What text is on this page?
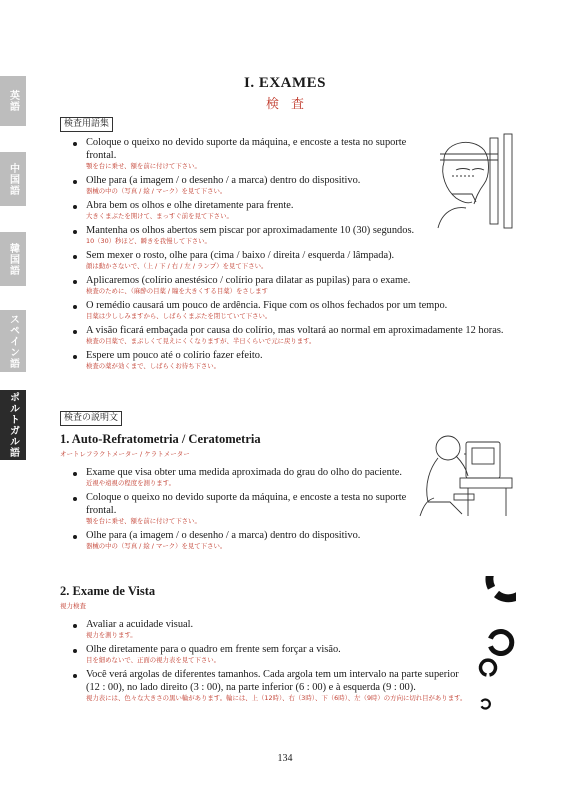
英語
中国語
韓国語
スペイン語
ポルトガル語
I. EXAMES
検査
検査用語集
Coloque o queixo no devido suporte da máquina, e encoste a testa no suporte frontal.
顎を台に乗せ、額を前に付けて下さい。
Olhe para (a imagem / o desenho / a marca) dentro do dispositivo.
器械の中の（写真 / 絵 / マーク）を見て下さい。
Abra bem os olhos e olhe diretamente para frente.
大きくまぶたを開けて、まっすぐ前を見て下さい。
Mantenha os olhos abertos sem piscar por aproximadamente 10 (30) segundos.
10（30）秒ほど、瞬きを我慢して下さい。
Sem mexer o rosto, olhe para (cima / baixo / direita / esquerda / lâmpada).
顔は動かさないで、（上 / 下 / 右 / 左 / ランプ）を見て下さい。
Aplicaremos (colírio anestésico / colírio para dilatar as pupilas) para o exame.
検査のために、（麻酔の目薬 / 瞳を大きくする目薬）をさします
O remédio causará um pouco de ardência. Fique com os olhos fechados por um tempo.
目薬は少ししみますから、しばらくまぶたを閉じていて下さい。
A visão ficará embaçada por causa do colírio, mas voltará ao normal em aproximadamente 12 horas.
検査の目薬で、まぶしくて見えにくくなりますが、半日くらいで元に戻ります。
Espere um pouco até o colírio fazer efeito.
検査の薬が効くまで、しばらくお待ち下さい。
検査の説明文
1. Auto-Refratometria / Ceratometria
オートレフラクトメーター / ケラトメーター
Exame que visa obter uma medida aproximada do grau do olho do paciente.
近視や遠視の程度を測ります。
Coloque o queixo no devido suporte da máquina, e encoste a testa no suporte frontal.
顎を台に乗せ、額を前に付けて下さい。
Olhe para (a imagem / o desenho / a marca) dentro do dispositivo.
器械の中の（写真 / 絵 / マーク）を見て下さい。
2. Exame de Vista
視力検査
Avaliar a acuidade visual.
視力を測ります。
Olhe diretamente para o quadro em frente sem forçar a visão.
目を細めないで、正面の視力表を見て下さい。
Você verá argolas de diferentes tamanhos. Cada argola tem um intervalo na parte superior (12 : 00), no lado direito (3 : 00), na parte inferior (6 : 00) e à esquerda (9 : 00).
視力表には、色々な大きさの黒い輪があります。輪には、上（12時）、右（3時）、下（6時）、左（9時）の方向に切れ目があります。
134
